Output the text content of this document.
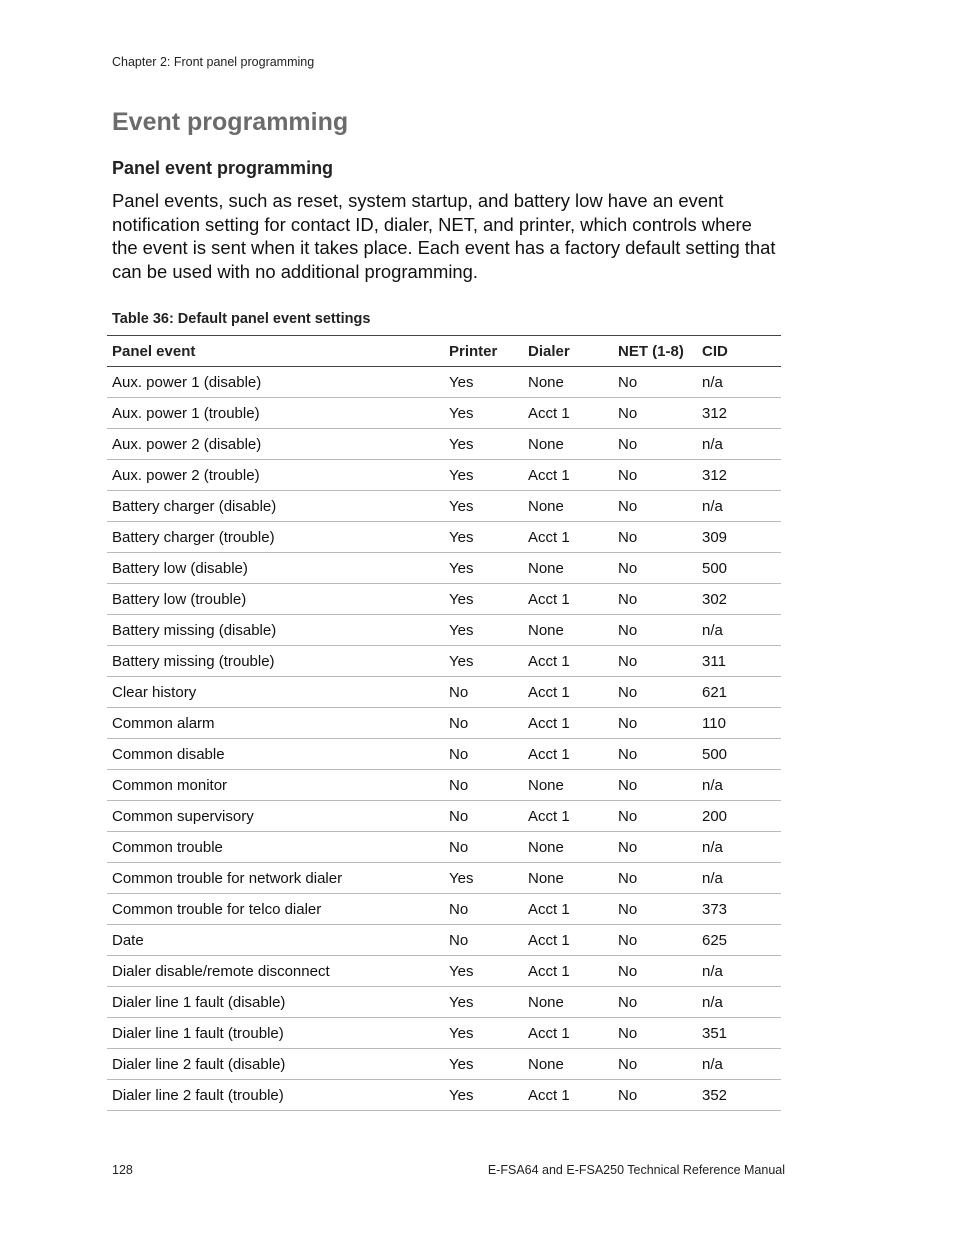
Chapter 2: Front panel programming
Event programming
Panel event programming

Panel events, such as reset, system startup, and battery low have an event notification setting for contact ID, dialer, NET, and printer, which controls where the event is sent when it takes place. Each event has a factory default setting that can be used with no additional programming.

Table 36: Default panel event settings
Panel event	Printer	Dialer	NET (1-8)	CID
Aux. power 1 (disable)	Yes	None	No	n/a
Aux. power 1 (trouble)	Yes	Acct 1	No	312
Aux. power 2 (disable)	Yes	None	No	n/a
Aux. power 2 (trouble)	Yes	Acct 1	No	312
Battery charger (disable)	Yes	None	No	n/a
Battery charger (trouble)	Yes	Acct 1	No	309
Battery low (disable)	Yes	None	No	500
Battery low (trouble)	Yes	Acct 1	No	302
Battery missing (disable)	Yes	None	No	n/a
Battery missing (trouble)	Yes	Acct 1	No	311
Clear history	No	Acct 1	No	621
Common alarm	No	Acct 1	No	110
Common disable	No	Acct 1	No	500
Common monitor	No	None	No	n/a
Common supervisory	No	Acct 1	No	200
Common trouble	No	None	No	n/a
Common trouble for network dialer	Yes	None	No	n/a
Common trouble for telco dialer	No	Acct 1	No	373
Date	No	Acct 1	No	625
Dialer disable/remote disconnect	Yes	Acct 1	No	n/a
Dialer line 1 fault (disable)	Yes	None	No	n/a
Dialer line 1 fault (trouble)	Yes	Acct 1	No	351
Dialer line 2 fault (disable)	Yes	None	No	n/a
Dialer line 2 fault (trouble)	Yes	Acct 1	No	352
128	E-FSA64 and E-FSA250 Technical Reference Manual
